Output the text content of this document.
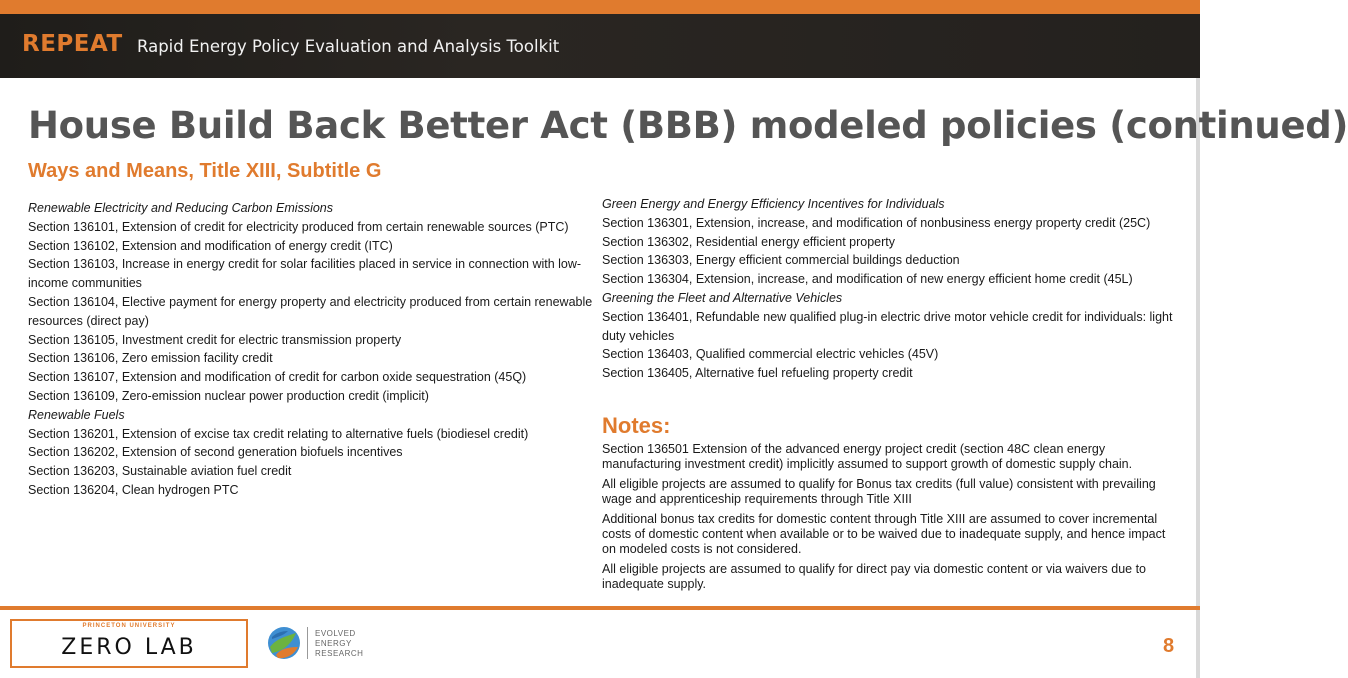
REPEAT Rapid Energy Policy Evaluation and Analysis Toolkit
House Build Back Better Act (BBB) modeled policies (continued)
Ways and Means, Title XIII, Subtitle G
Renewable Electricity and Reducing Carbon Emissions
Section 136101, Extension of credit for electricity produced from certain renewable sources (PTC)
Section 136102, Extension and modification of energy credit (ITC)
Section 136103, Increase in energy credit for solar facilities placed in service in connection with low-income communities
Section 136104, Elective payment for energy property and electricity produced from certain renewable resources (direct pay)
Section 136105, Investment credit for electric transmission property
Section 136106, Zero emission facility credit
Section 136107, Extension and modification of credit for carbon oxide sequestration (45Q)
Section 136109, Zero-emission nuclear power production credit (implicit)
Renewable Fuels
Section 136201, Extension of excise tax credit relating to alternative fuels (biodiesel credit)
Section 136202, Extension of second generation biofuels incentives
Section 136203, Sustainable aviation fuel credit
Section 136204, Clean hydrogen PTC
Green Energy and Energy Efficiency Incentives for Individuals
Section 136301, Extension, increase, and modification of nonbusiness energy property credit (25C)
Section 136302, Residential energy efficient property
Section 136303, Energy efficient commercial buildings deduction
Section 136304, Extension, increase, and modification of new energy efficient home credit (45L)
Greening the Fleet and Alternative Vehicles
Section 136401, Refundable new qualified plug-in electric drive motor vehicle credit for individuals: light duty vehicles
Section 136403, Qualified commercial electric vehicles (45V)
Section 136405, Alternative fuel refueling property credit
Notes:

Section 136501 Extension of the advanced energy project credit (section 48C clean energy manufacturing investment credit) implicitly assumed to support growth of domestic supply chain.

All eligible projects are assumed to qualify for Bonus tax credits (full value) consistent with prevailing wage and apprenticeship requirements through Title XIII

Additional bonus tax credits for domestic content through Title XIII are assumed to cover incremental costs of domestic content when available or to be waived due to inadequate supply, and hence impact on modeled costs is not considered.

All eligible projects are assumed to qualify for direct pay via domestic content or via waivers due to inadequate supply.

PRINCETON UNIVERSITY
ZERO LAB
EVOLVED
ENERGY
RESEARCH	8
